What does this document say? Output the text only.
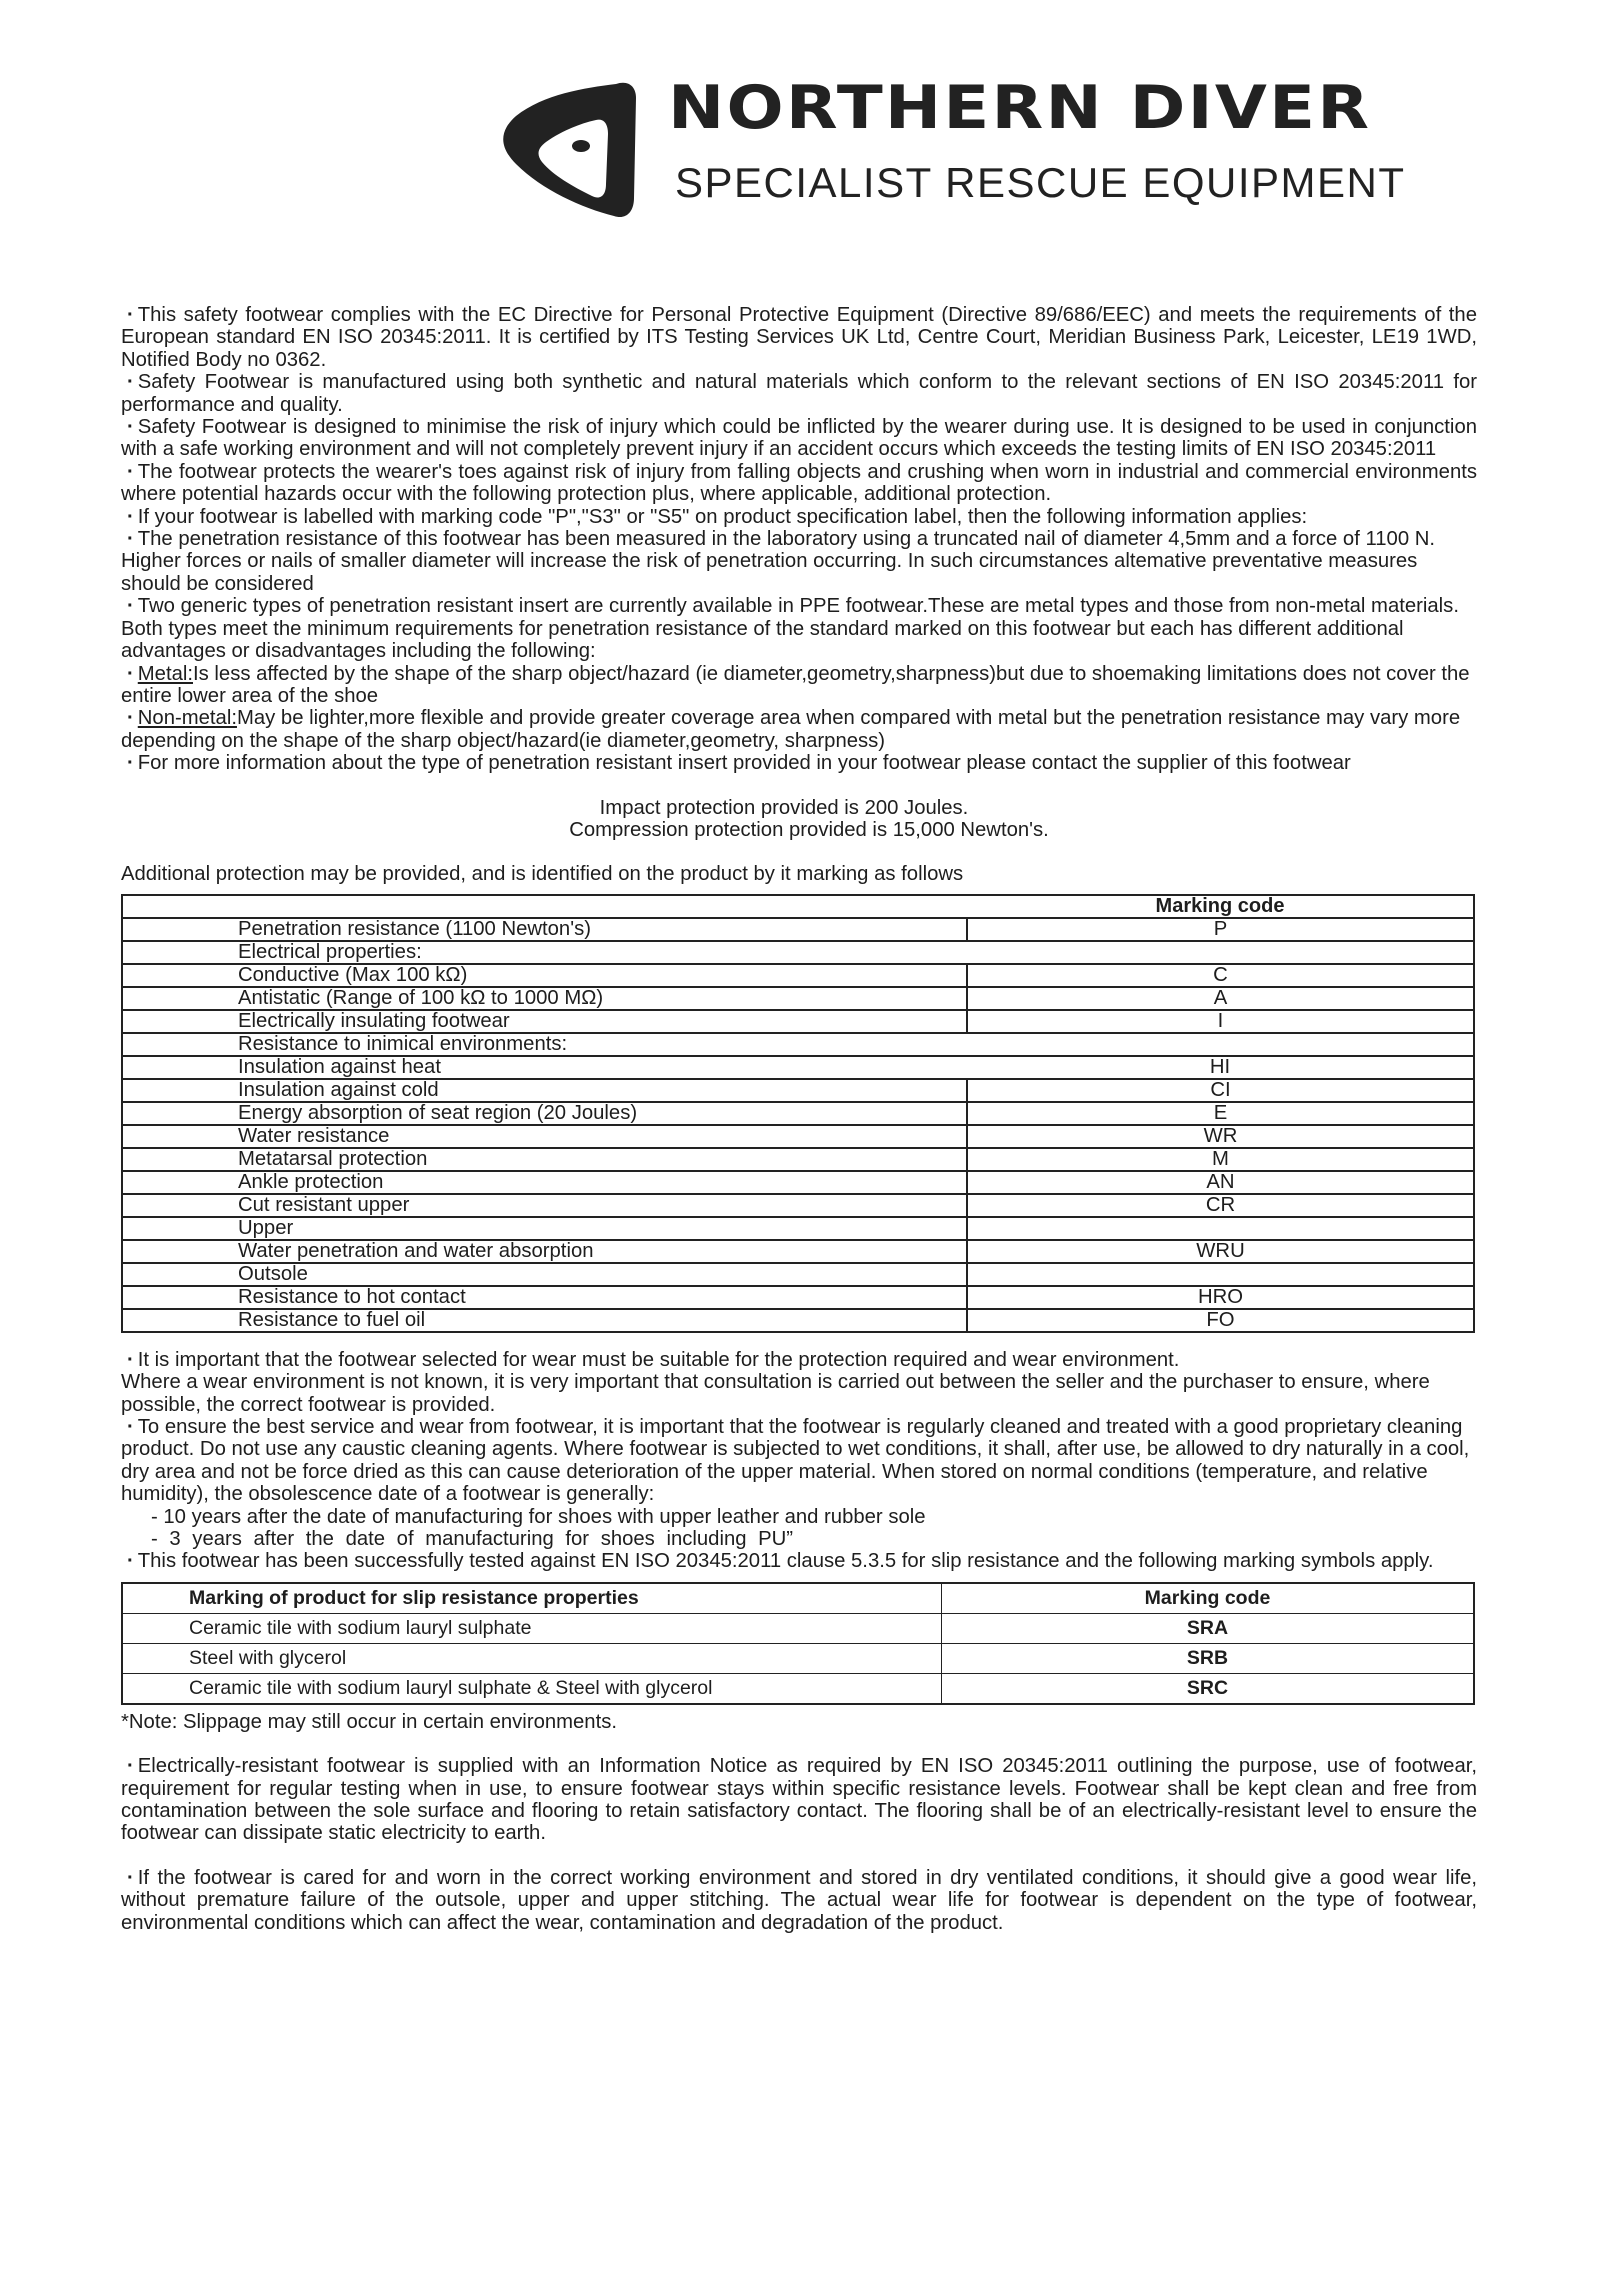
NORTHERN DIVER
SPECIALIST RESCUE EQUIPMENT

· This safety footwear complies with the EC Directive for Personal Protective Equipment (Directive 89/686/EEC) and meets the requirements of the European standard EN ISO 20345:2011. It is certified by ITS Testing Services UK Ltd, Centre Court, Meridian Business Park, Leicester, LE19 1WD, Notified Body no 0362.

· Safety Footwear is manufactured using both synthetic and natural materials which conform to the relevant sections of EN ISO 20345:2011 for performance and quality.

· Safety Footwear is designed to minimise the risk of injury which could be inflicted by the wearer during use. It is designed to be used in conjunction with a safe working environment and will not completely prevent injury if an accident occurs which exceeds the testing limits of EN ISO 20345:2011

· The footwear protects the wearer's toes against risk of injury from falling objects and crushing when worn in industrial and commercial environments where potential hazards occur with the following protection plus, where applicable, additional protection.

· If your footwear is labelled with marking code "P","S3" or "S5" on product specification label, then the following information applies:

· The penetration resistance of this footwear has been measured in the laboratory using a truncated nail of diameter 4,5mm and a force of 1100 N. Higher forces or nails of smaller diameter will increase the risk of penetration occurring. In such circumstances altemative preventative measures should be considered

· Two generic types of penetration resistant insert are currently available in PPE footwear.These are metal types and those from non-metal materials. Both types meet the minimum requirements for penetration resistance of the standard marked on this footwear but each has different additional advantages or disadvantages including the following:

· Metal:Is less affected by the shape of the sharp object/hazard (ie diameter,geometry,sharpness)but due to shoemaking limitations does not cover the entire lower area of the shoe

· Non-metal:May be lighter,more flexible and provide greater coverage area when compared with metal but the penetration resistance may vary more depending on the shape of the sharp object/hazard(ie diameter,geometry, sharpness)

· For more information about the type of penetration resistant insert provided in your footwear please contact the supplier of this footwear

Impact protection provided is 200 Joules.

Compression protection provided is 15,000 Newton's.

Additional protection may be provided, and is identified on the product by it marking as follows

	Marking code
Penetration resistance (1100 Newton's)	P
Electrical properties:	
Conductive (Max 100 kΩ)	C
Antistatic (Range of 100 kΩ to 1000 MΩ)	A
Electrically insulating footwear	I
Resistance to inimical environments:	
Insulation against heat	HI
Insulation against cold	CI
Energy absorption of seat region (20 Joules)	E
Water resistance	WR
Metatarsal protection	M
Ankle protection	AN
Cut resistant upper	CR
Upper	
Water penetration and water absorption	WRU
Outsole	
Resistance to hot contact	HRO
Resistance to fuel oil	FO

· It is important that the footwear selected for wear must be suitable for the protection required and wear environment.

Where a wear environment is not known, it is very important that consultation is carried out between the seller and the purchaser to ensure, where possible, the correct footwear is provided.

· To ensure the best service and wear from footwear, it is important that the footwear is regularly cleaned and treated with a good proprietary cleaning product. Do not use any caustic cleaning agents. Where footwear is subjected to wet conditions, it shall, after use, be allowed to dry naturally in a cool, dry area and not be force dried as this can cause deterioration of the upper material. When stored on normal conditions (temperature, and relative humidity), the obsolescence date of a footwear is generally:

- 10 years after the date of manufacturing for shoes with upper leather and rubber sole

- 3 years after the date of manufacturing for shoes including PU”

· This footwear has been successfully tested against EN ISO 20345:2011 clause 5.3.5 for slip resistance and the following marking symbols apply.

Marking of product for slip resistance properties	Marking code
Ceramic tile with sodium lauryl sulphate	SRA
Steel with glycerol	SRB
Ceramic tile with sodium lauryl sulphate & Steel with glycerol	SRC

*Note: Slippage may still occur in certain environments.

· Electrically-resistant footwear is supplied with an Information Notice as required by EN ISO 20345:2011 outlining the purpose, use of footwear, requirement for regular testing when in use, to ensure footwear stays within specific resistance levels. Footwear shall be kept clean and free from contamination between the sole surface and flooring to retain satisfactory contact. The flooring shall be of an electrically-resistant level to ensure the footwear can dissipate static electricity to earth.

· If the footwear is cared for and worn in the correct working environment and stored in dry ventilated conditions, it should give a good wear life, without premature failure of the outsole, upper and upper stitching. The actual wear life for footwear is dependent on the type of footwear, environmental conditions which can affect the wear, contamination and degradation of the product.
